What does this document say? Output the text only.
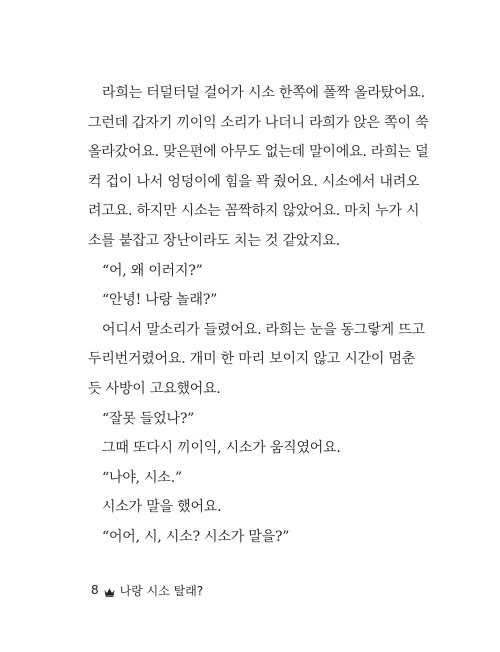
라희는 터덜터덜 걸어가 시소 한쪽에 폴짝 올라탔어요.
그런데 갑자기 끼이익 소리가 나더니 라희가 앉은 쪽이 쑥
올라갔어요. 맞은편에 아무도 없는데 말이에요. 라희는 덜
컥 겁이 나서 엉덩이에 힘을 꽉 줬어요. 시소에서 내려오
려고요. 하지만 시소는 꼼짝하지 않았어요. 마치 누가 시
소를 붙잡고 장난이라도 치는 것 같았지요.
“어, 왜 이러지?”
“안녕! 나랑 놀래?”
어디서 말소리가 들렸어요. 라희는 눈을 동그랗게 뜨고
두리번거렸어요. 개미 한 마리 보이지 않고 시간이 멈춘
듯 사방이 고요했어요.
“잘못 들었나?”
그때 또다시 끼이익, 시소가 움직였어요.
“나야, 시소.”
시소가 말을 했어요.
“어어, 시, 시소? 시소가 말을?”
8 나랑 시소 탈래?
